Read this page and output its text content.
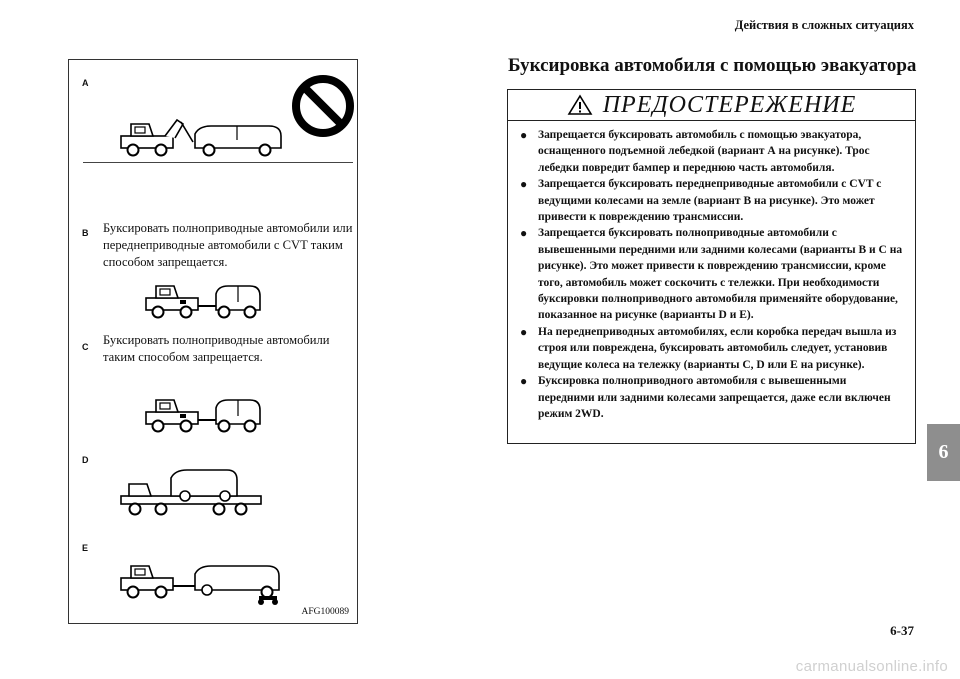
Действия в сложных ситуациях
A
B Буксировать полноприводные автомобили или переднеприводные автомобили с CVT таким способом запрещается.
C Буксировать полноприводные автомобили таким способом запрещается.
D
E
AFG100089
Буксировка автомобиля с помощью эвакуатора
ПРЕДОСТЕРЕЖЕНИЕ
● Запрещается буксировать автомобиль с помощью эвакуатора, оснащенного подъемной лебедкой (вариант А на рисунке). Трос лебедки повредит бампер и переднюю часть автомобиля.
● Запрещается буксировать переднеприводные автомобили с CVT с ведущими колесами на земле (вариант B на рисунке). Это может привести к повреждению трансмиссии.
● Запрещается буксировать полноприводные автомобили с вывешенными передними или задними колесами (варианты B и C на рисунке). Это может привести к повреждению трансмиссии, кроме того, автомобиль может соскочить с тележки. При необходимости буксировки полноприводного автомобиля применяйте оборудование, показанное на рисунке (варианты D и E).
● На переднеприводных автомобилях, если коробка передач вышла из строя или повреждена, буксировать автомобиль следует, установив ведущие колеса на тележку (варианты C, D или E на рисунке).
● Буксировка полноприводного автомобиля с вывешенными передними или задними колесами запрещается, даже если включен режим 2WD.
6
6-37
carmanualsonline.info
